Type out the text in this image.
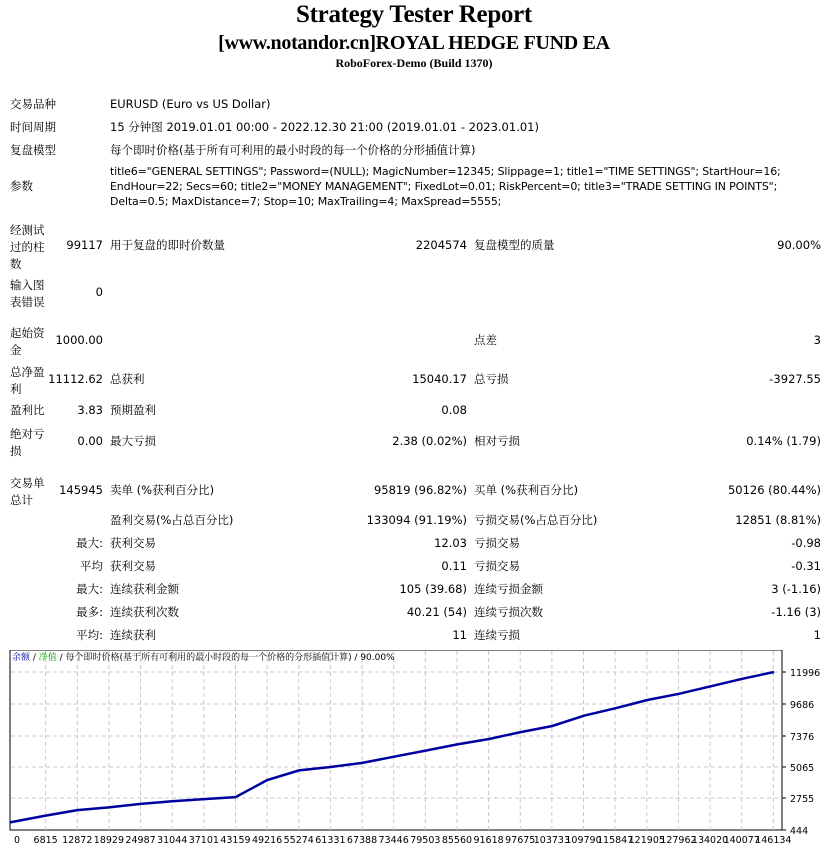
Strategy Tester Report
[www.notandor.cn]ROYAL HEDGE FUND EA
RoboForex-Demo (Build 1370)
交易品种	EURUSD (Euro vs US Dollar)
时间周期	15 分钟图 2019.01.01 00:00 - 2022.12.30 21:00 (2019.01.01 - 2023.01.01)
复盘模型	每个即时价格(基于所有可利用的最小时段的每一个价格的分形插值计算)
参数
title6="GENERAL SETTINGS"; Password=(NULL); MagicNumber=12345; Slippage=1; title1="TIME SETTINGS"; StartHour=16;
EndHour=22; Secs=60; title2="MONEY MANAGEMENT"; FixedLot=0.01; RiskPercent=0; title3="TRADE SETTING IN POINTS";
Delta=0.5; MaxDistance=7; Stop=10; MaxTrailing=4; MaxSpread=5555;
经测试
过的柱
数
99117 用于复盘的即时价数量	2204574 复盘模型的质量	90.00%
输入图
表错误
0
起始资
金
1000.00	点差	3
总净盈
利
11112.62 总获利	15040.17 总亏损	-3927.55
盈利比	3.83 预期盈利	0.08
绝对亏
损
0.00 最大亏损	2.38 (0.02%) 相对亏损	0.14% (1.79)
交易单
总计
145945 卖单 (%获利百分比)	95819 (96.82%) 买单 (%获利百分比)	50126 (80.44%)
盈利交易(%占总百分比)	133094 (91.19%) 亏损交易(%占总百分比)	12851 (8.81%)
最大: 获利交易	12.03 亏损交易	-0.98
平均 获利交易	0.11 亏损交易	-0.31
最大: 连续获利金额	105 (39.68) 连续亏损金额	3 (-1.16)
最多: 连续获利次数	40.21 (54) 连续亏损次数	-1.16 (3)
平均: 连续获利	11 连续亏损	1
0 6815 12872 18929 24987 31044 37101 43159 49216 55274 61331 67388 73446 79503 85560 91618 97675
103733
109790
115847
121905
127962
134020
140077
146134
444
2755
5065
7376
9686
11996
余额 / 净值 / 每个即时价格(基于所有可利用的最小时段的每一个价格的分形插值计算) / 90.00%
